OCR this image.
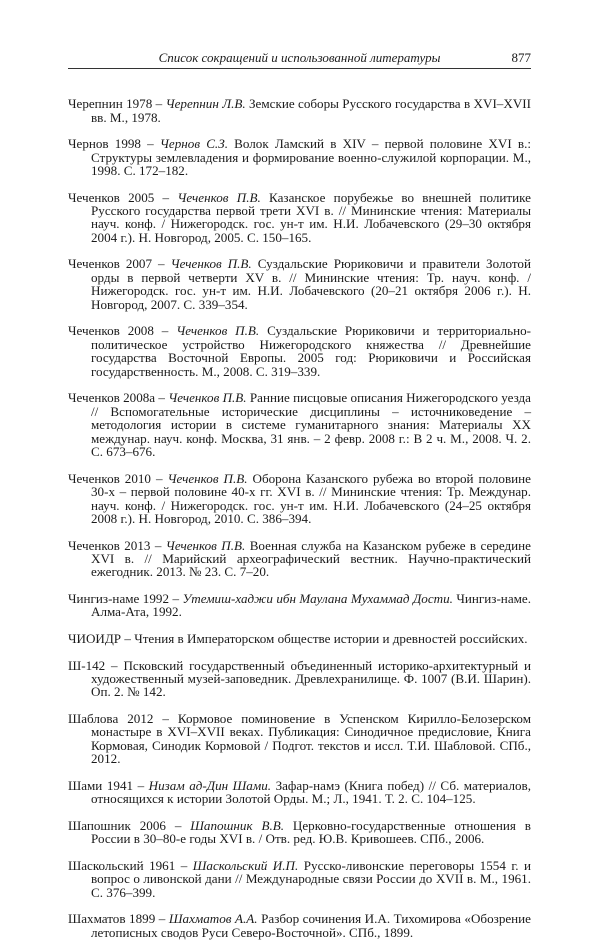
Список сокращений и использованной литературы	877

Черепнин 1978 – Черепнин Л.В. Земские соборы Русского государства в XVI–XVII вв. М., 1978.

Чернов 1998 – Чернов С.З. Волок Ламский в XIV – первой половине XVI в.: Структуры землевладения и формирование военно-служилой корпорации. М., 1998. С. 172–182.

Чеченков 2005 – Чеченков П.В. Казанское порубежье во внешней политике Русского государства первой трети XVI в. // Мининские чтения: Материалы науч. конф. / Нижегородск. гос. ун-т им. Н.И. Лобачевского (29–30 октября 2004 г.). Н. Новгород, 2005. С. 150–165.

Чеченков 2007 – Чеченков П.В. Суздальские Рюриковичи и правители Золотой орды в первой четверти XV в. // Мининские чтения: Тр. науч. конф. / Нижегородск. гос. ун-т им. Н.И. Лобачевского (20–21 октября 2006 г.). Н. Новгород, 2007. С. 339–354.

Чеченков 2008 – Чеченков П.В. Суздальские Рюриковичи и территориально-политическое устройство Нижегородского княжества // Древнейшие государства Восточной Европы. 2005 год: Рюриковичи и Российская государственность. М., 2008. С. 319–339.

Чеченков 2008а – Чеченков П.В. Ранние писцовые описания Нижегородского уезда // Вспомогательные исторические дисциплины – источниковедение – методология истории в системе гуманитарного знания: Материалы XX междунар. науч. конф. Москва, 31 янв. – 2 февр. 2008 г.: В 2 ч. М., 2008. Ч. 2. С. 673–676.

Чеченков 2010 – Чеченков П.В. Оборона Казанского рубежа во второй половине 30-х – первой половине 40-х гг. XVI в. // Мининские чтения: Тр. Междунар. науч. конф. / Нижегородск. гос. ун-т им. Н.И. Лобачевского (24–25 октября 2008 г.). Н. Новгород, 2010. С. 386–394.

Чеченков 2013 – Чеченков П.В. Военная служба на Казанском рубеже в середине XVI в. // Марийский археографический вестник. Научно-практический ежегодник. 2013. № 23. С. 7–20.

Чингиз-наме 1992 – Утемиш-хаджи ибн Маулана Мухаммад Дости. Чингиз-наме. Алма-Ата, 1992.

ЧИОИДР – Чтения в Императорском обществе истории и древностей российских.

Ш-142 – Псковский государственный объединенный историко-архитектурный и художественный музей-заповедник. Древлехранилище. Ф. 1007 (В.И. Шарин). Оп. 2. № 142.

Шаблова 2012 – Кормовое поминовение в Успенском Кирилло-Белозерском монастыре в XVI–XVII веках. Публикация: Синодичное предисловие, Книга Кормовая, Синодик Кормовой / Подгот. текстов и иссл. Т.И. Шабловой. СПб., 2012.

Шами 1941 – Низам ад-Дин Шами. Зафар-намэ (Книга побед) // Сб. материалов, относящихся к истории Золотой Орды. М.; Л., 1941. Т. 2. С. 104–125.

Шапошник 2006 – Шапошник В.В. Церковно-государственные отношения в России в 30–80-е годы XVI в. / Отв. ред. Ю.В. Кривошеев. СПб., 2006.

Шаскольский 1961 – Шаскольский И.П. Русско-ливонские переговоры 1554 г. и вопрос о ливонской дани // Международные связи России до XVII в. М., 1961. С. 376–399.

Шахматов 1899 – Шахматов А.А. Разбор сочинения И.А. Тихомирова «Обозрение летописных сводов Руси Северо-Восточной». СПб., 1899.
